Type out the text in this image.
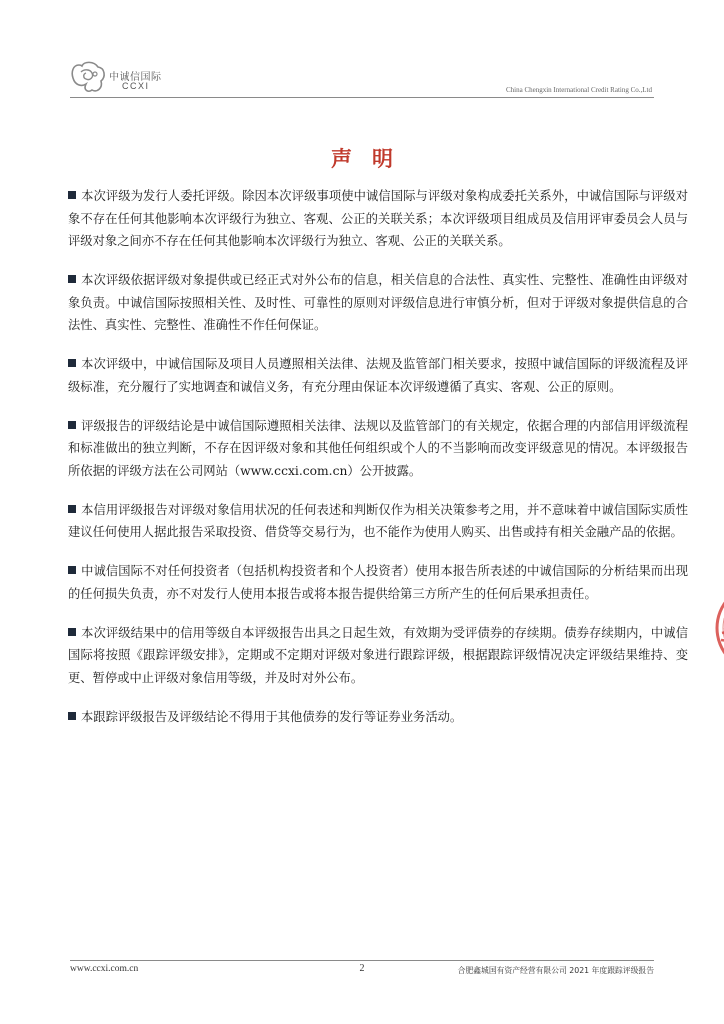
中诚信国际
CCXI	China Chengxin International Credit Rating Co.,Ltd
声明

本次评级为发行人委托评级。除因本次评级事项使中诚信国际与评级对象构成委托关系外，中诚信国际与评级对象不存在任何其他影响本次评级行为独立、客观、公正的关联关系；本次评级项目组成员及信用评审委员会人员与评级对象之间亦不存在任何其他影响本次评级行为独立、客观、公正的关联关系。

本次评级依据评级对象提供或已经正式对外公布的信息，相关信息的合法性、真实性、完整性、准确性由评级对象负责。中诚信国际按照相关性、及时性、可靠性的原则对评级信息进行审慎分析，但对于评级对象提供信息的合法性、真实性、完整性、准确性不作任何保证。

本次评级中，中诚信国际及项目人员遵照相关法律、法规及监管部门相关要求，按照中诚信国际的评级流程及评级标准，充分履行了实地调查和诚信义务，有充分理由保证本次评级遵循了真实、客观、公正的原则。

评级报告的评级结论是中诚信国际遵照相关法律、法规以及监管部门的有关规定，依据合理的内部信用评级流程和标准做出的独立判断，不存在因评级对象和其他任何组织或个人的不当影响而改变评级意见的情况。本评级报告所依据的评级方法在公司网站（www.ccxi.com.cn）公开披露。

本信用评级报告对评级对象信用状况的任何表述和判断仅作为相关决策参考之用，并不意味着中诚信国际实质性建议任何使用人据此报告采取投资、借贷等交易行为，也不能作为使用人购买、出售或持有相关金融产品的依据。

中诚信国际不对任何投资者（包括机构投资者和个人投资者）使用本报告所表述的中诚信国际的分析结果而出现的任何损失负责，亦不对发行人使用本报告或将本报告提供给第三方所产生的任何后果承担责任。

本次评级结果中的信用等级自本评级报告出具之日起生效，有效期为受评债券的存续期。债券存续期内，中诚信国际将按照《跟踪评级安排》，定期或不定期对评级对象进行跟踪评级，根据跟踪评级情况决定评级结果维持、变更、暂停或中止评级对象信用等级，并及时对外公布。

本跟踪评级报告及评级结论不得用于其他债券的发行等证券业务活动。

www.ccxi.com.cn	2	合肥鑫城国有资产经营有限公司 2021 年度跟踪评级报告
